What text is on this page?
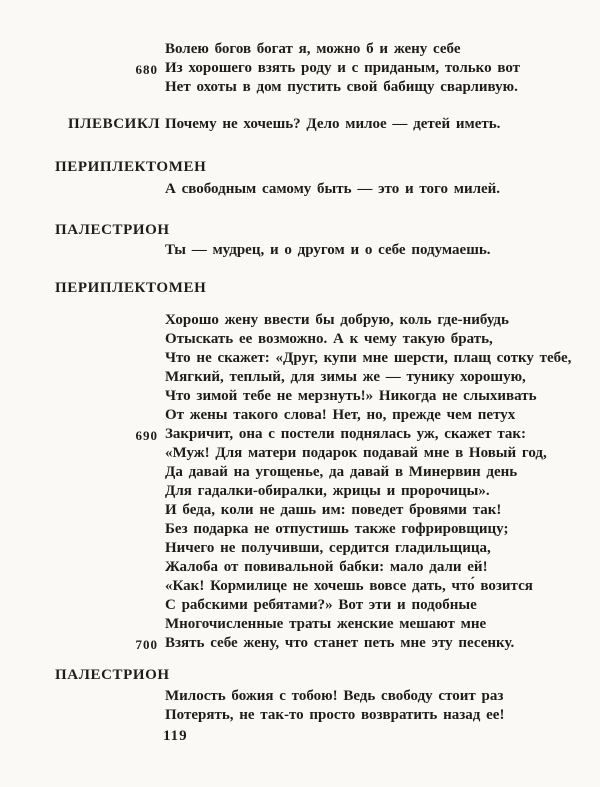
Волею богов богат я, можно б и жену себе
680 Из хорошего взять роду и с приданым, только вот
Нет охоты в дом пустить свой бабищу сварливую.
ПЛЕВСИКЛ Почему не хочешь? Дело милое — детей иметь.
ПЕРИПЛЕКТОМЕН
А свободным самому быть — это и того милей.
ПАЛЕСТРИОН
Ты — мудрец, и о другом и о себе подумаешь.
ПЕРИПЛЕКТОМЕН
Хорошо жену ввести бы добрую, коль где-нибудь
Отыскать ее возможно. А к чему такую брать,
Что не скажет: «Друг, купи мне шерсти, плащ сотку тебе,
Мягкий, теплый, для зимы же — тунику хорошую,
Что зимой тебе не мерзнуть!» Никогда не слыхивать
От жены такого слова! Нет, но, прежде чем петух
690 Закричит, она с постели поднялась уж, скажет так:
«Муж! Для матери подарок подавай мне в Новый год,
Да давай на угощенье, да давай в Минервин день
Для гадалки-обиралки, жрицы и пророчицы».
И беда, коли не дашь им: поведет бровями так!
Без подарка не отпустишь также гофрировщицу;
Ничего не получивши, сердится гладильщица,
Жалоба от повивальной бабки: мало дали ей!
«Как! Кормилице не хочешь вовсе дать, что́ возится
С рабскими ребятами?» Вот эти и подобные
Многочисленные траты женские мешают мне
700 Взять себе жену, что станет петь мне эту песенку.
ПАЛЕСТРИОН
Милость божия с тобою! Ведь свободу стоит раз
Потерять, не так-то просто возвратить назад ее!
119
